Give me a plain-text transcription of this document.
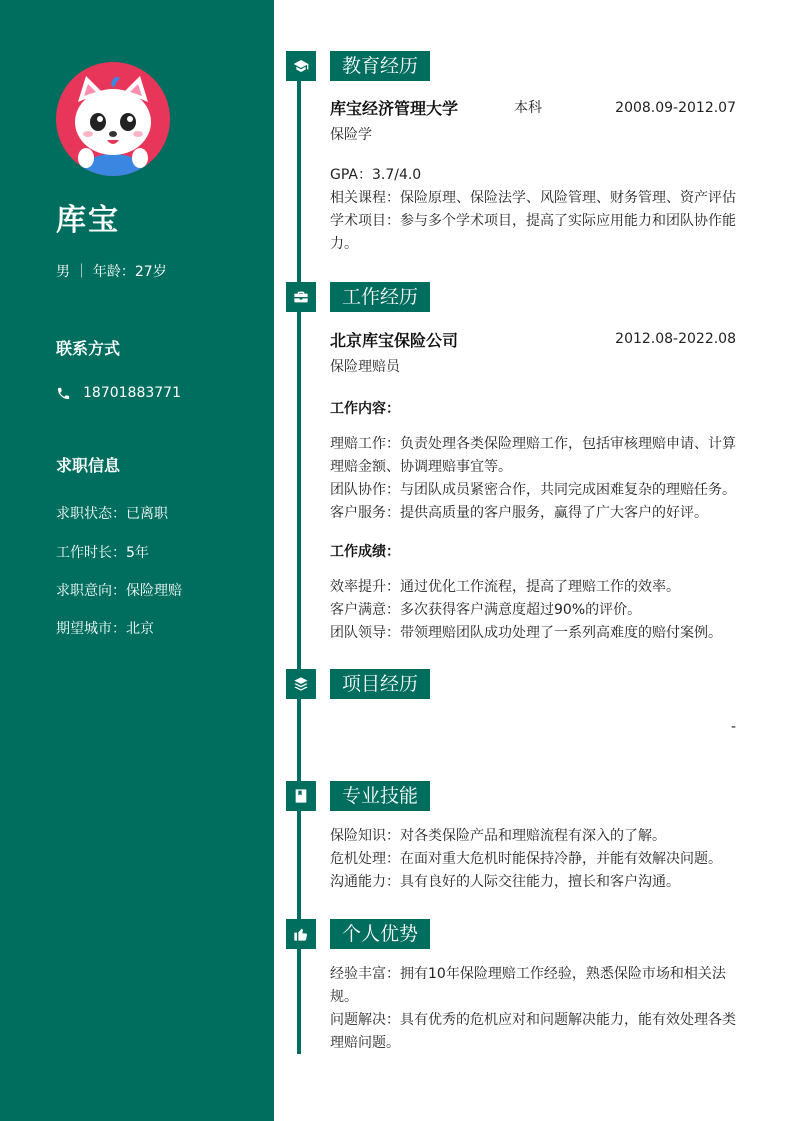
库宝
男 ｜ 年龄：27岁
联系方式
18701883771
求职信息
求职状态：已离职
工作时长：5年
求职意向：保险理赔
期望城市：北京
教育经历
库宝经济管理大学	本科	2008.09-2012.07
保险学
GPA：3.7/4.0
相关课程：保险原理、保险法学、风险管理、财务管理、资产评估
学术项目：参与多个学术项目，提高了实际应用能力和团队协作能
力。
工作经历
北京库宝保险公司	2012.08-2022.08
保险理赔员
工作内容：
理赔工作：负责处理各类保险理赔工作，包括审核理赔申请、计算
理赔金额、协调理赔事宜等。
团队协作：与团队成员紧密合作，共同完成困难复杂的理赔任务。
客户服务：提供高质量的客户服务，赢得了广大客户的好评。
工作成绩：
效率提升：通过优化工作流程，提高了理赔工作的效率。
客户满意：多次获得客户满意度超过90%的评价。
团队领导：带领理赔团队成功处理了一系列高难度的赔付案例。
项目经历
-
专业技能
保险知识：对各类保险产品和理赔流程有深入的了解。
危机处理：在面对重大危机时能保持冷静，并能有效解决问题。
沟通能力：具有良好的人际交往能力，擅长和客户沟通。
个人优势
经验丰富：拥有10年保险理赔工作经验，熟悉保险市场和相关法
规。
问题解决：具有优秀的危机应对和问题解决能力，能有效处理各类
理赔问题。
